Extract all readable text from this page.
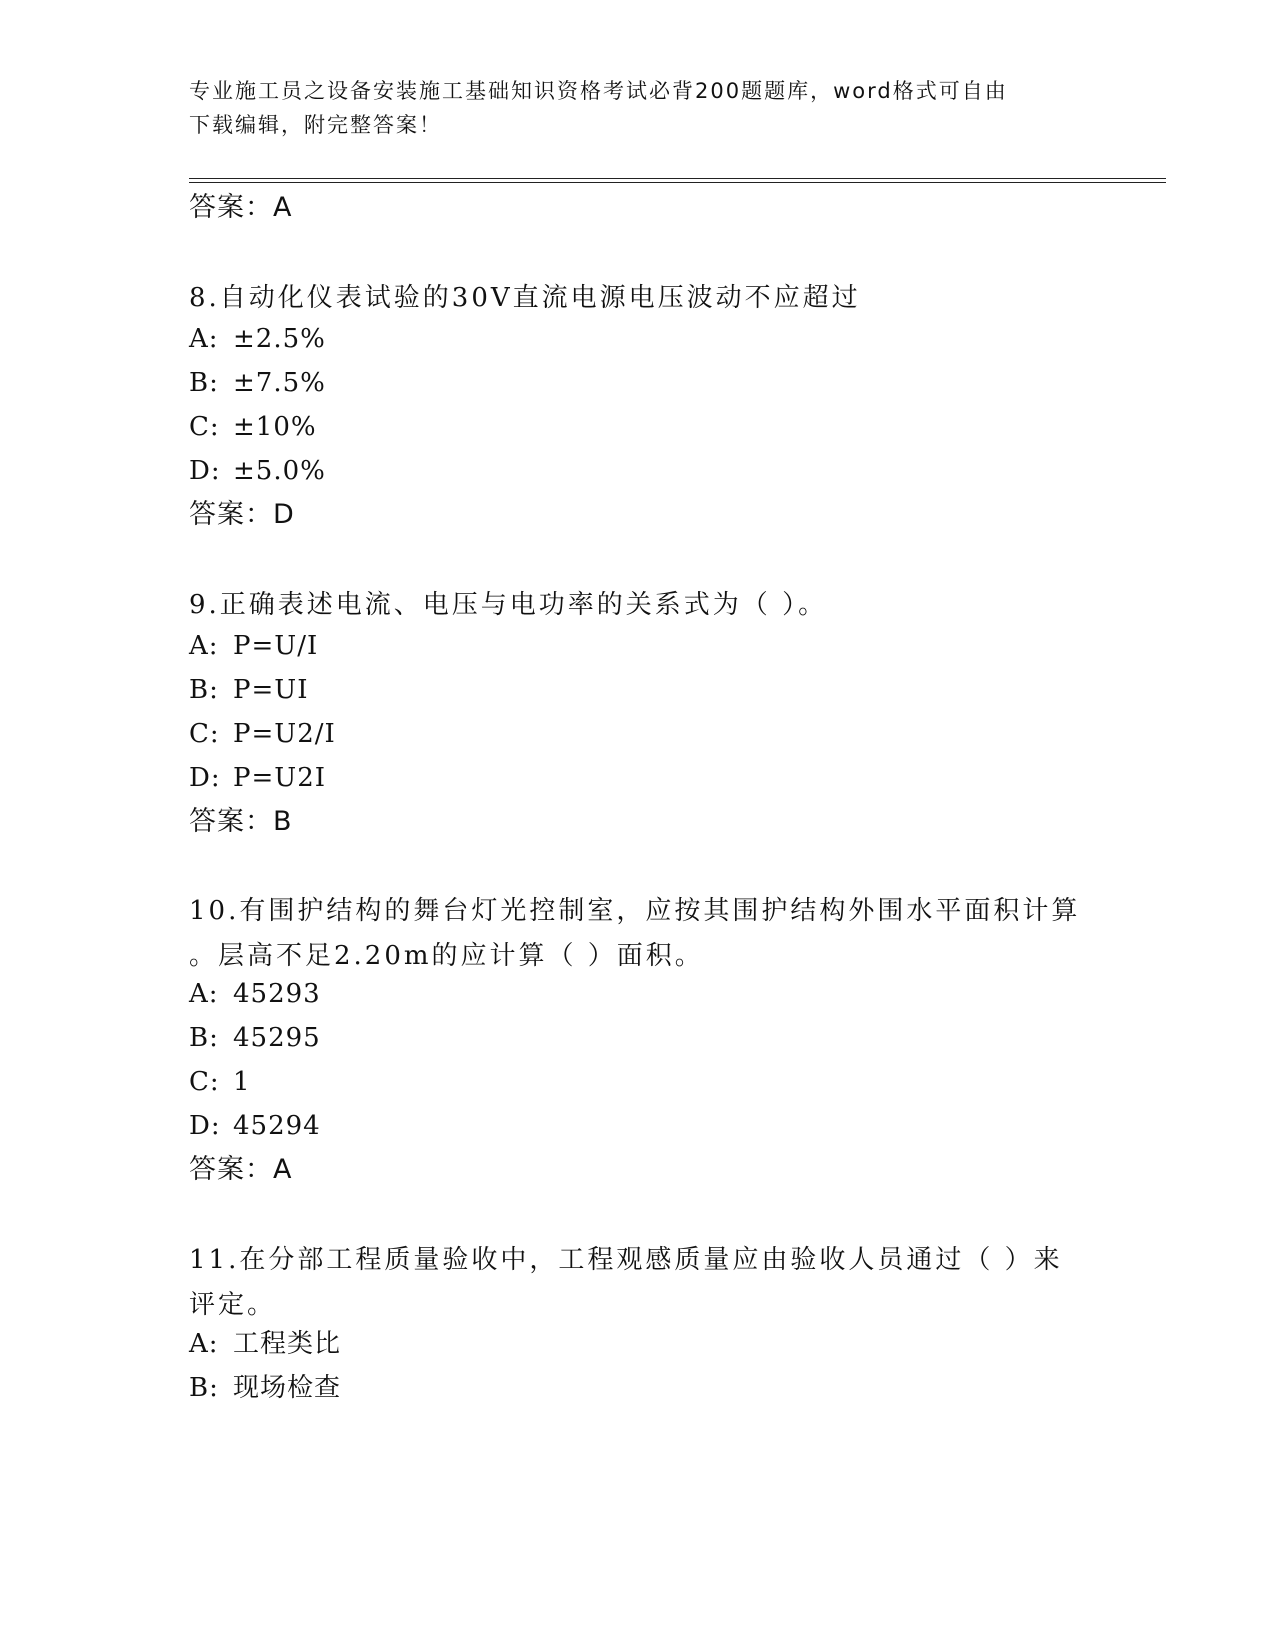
专业施工员之设备安装施工基础知识资格考试必背200题题库，word格式可自由
下载编辑，附完整答案！
答案：A
8.自动化仪表试验的30V直流电源电压波动不应超过
A: ±2.5%
B: ±7.5%
C: ±10%
D: ±5.0%
答案：D
9.正确表述电流、电压与电功率的关系式为（ ）。
A: P=U/I
B: P=UI
C: P=U2/I
D: P=U2I
答案：B
10.有围护结构的舞台灯光控制室，应按其围护结构外围水平面积计算
。层高不足2.20m的应计算（ ）面积。
A: 45293
B: 45295
C: 1
D: 45294
答案：A
11.在分部工程质量验收中，工程观感质量应由验收人员通过（ ）来
评定。
A: 工程类比
B: 现场检查
